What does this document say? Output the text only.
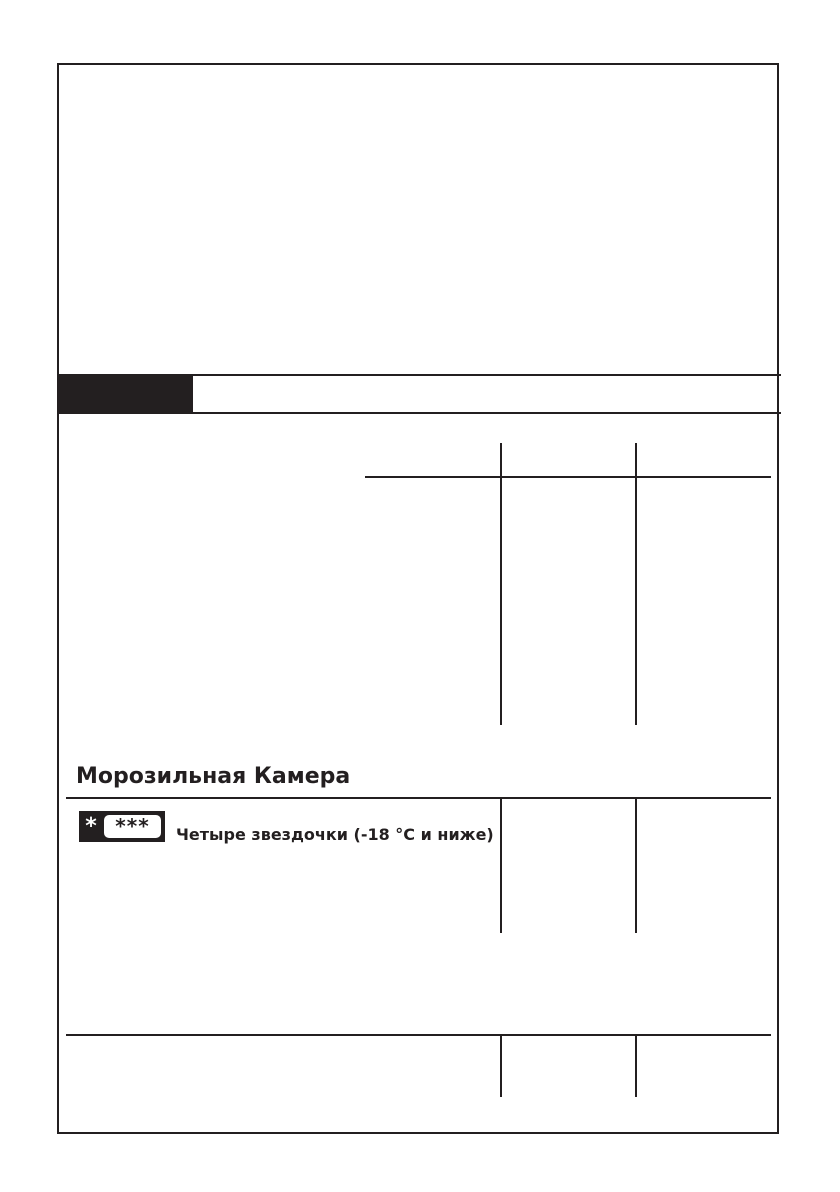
Морозильная Камера
* ***	Четыре звездочки (-18 °C и ниже)
